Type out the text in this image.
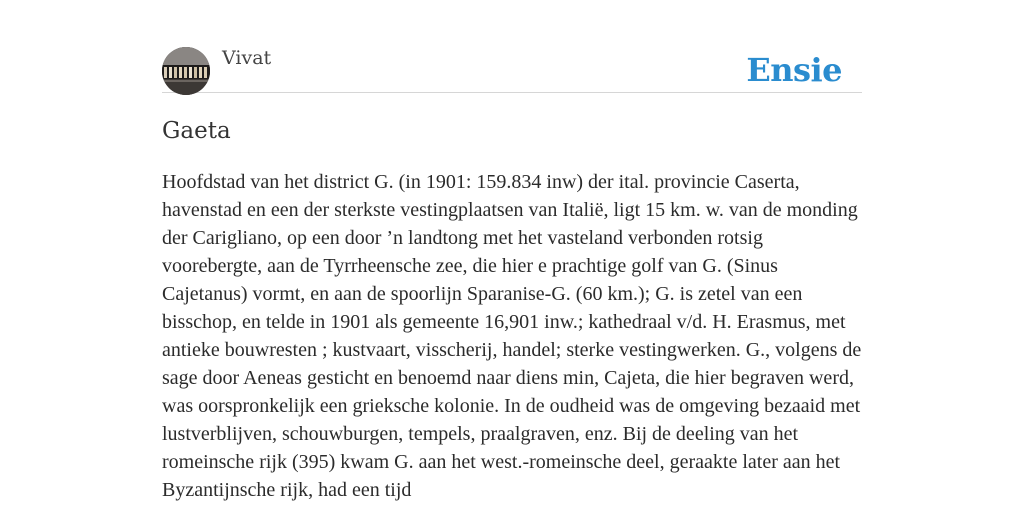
Vivat	Ensie
Gaeta

Hoofdstad van het district G. (in 1901: 159.834 inw) der ital. provincie Caserta, havenstad en een der sterkste vestingplaatsen van Italië, ligt 15 km. w. van de monding der Carigliano, op een door ’n landtong met het vasteland verbonden rotsig voorebergte, aan de Tyrrheensche zee, die hier e prachtige golf van G. (Sinus Cajetanus) vormt, en aan de spoorlijn Sparanise-G. (60 km.); G. is zetel van een bisschop, en telde in 1901 als gemeente 16,901 inw.; kathedraal v/d. H. Erasmus, met antieke bouwresten ; kustvaart, visscherij, handel; sterke vestingwerken. G., volgens de sage door Aeneas gesticht en benoemd naar diens min, Cajeta, die hier begraven werd, was oorspronkelijk een grieksche kolonie. In de oudheid was de omgeving bezaaid met lustverblijven, schouwburgen, tempels, praalgraven, enz. Bij de deeling van het romeinsche rijk (395) kwam G. aan het west.-romeinsche deel, geraakte later aan het Byzantijnsche rijk, had een tijd
